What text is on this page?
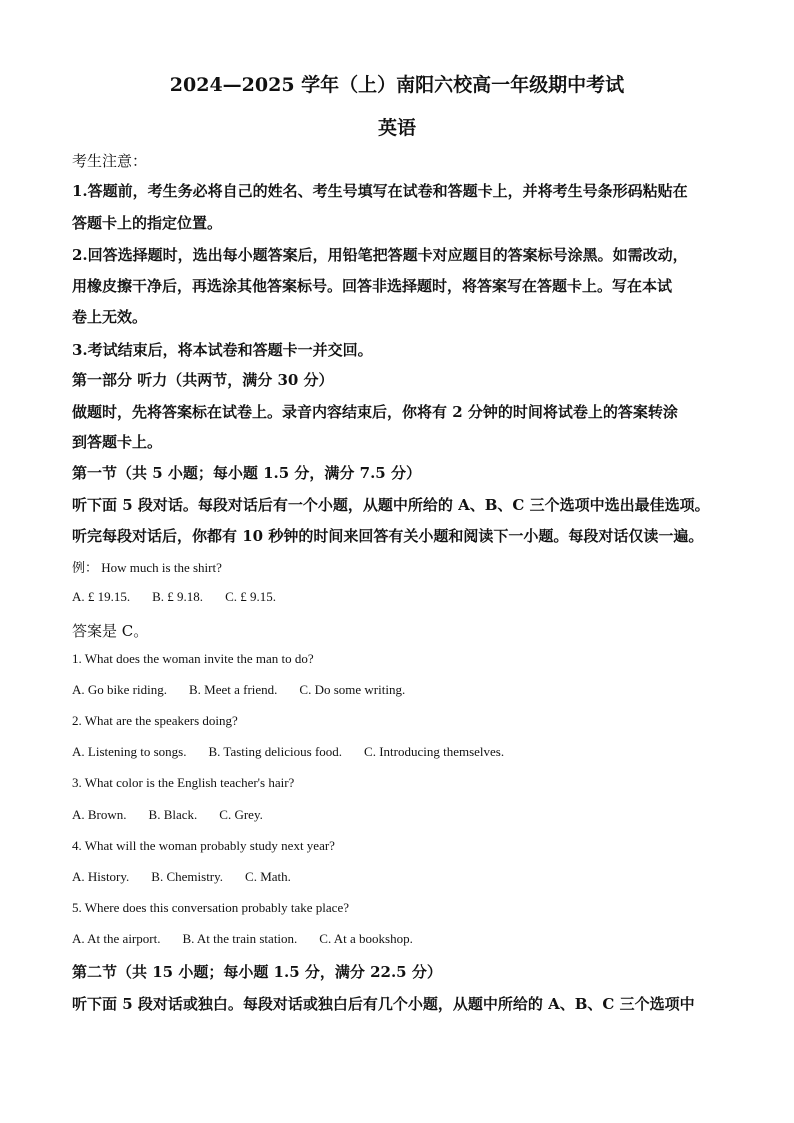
2024—2025 学年（上）南阳六校高一年级期中考试
英语
考生注意：
1.答题前，考生务必将自己的姓名、考生号填写在试卷和答题卡上，并将考生号条形码粘贴在
答题卡上的指定位置。
2.回答选择题时，选出每小题答案后，用铅笔把答题卡对应题目的答案标号涂黑。如需改动，
用橡皮擦干净后，再选涂其他答案标号。回答非选择题时，将答案写在答题卡上。写在本试
卷上无效。
3.考试结束后，将本试卷和答题卡一并交回。
第一部分 听力（共两节，满分 30 分）
做题时，先将答案标在试卷上。录音内容结束后，你将有 2 分钟的时间将试卷上的答案转涂
到答题卡上。
第一节（共 5 小题；每小题 1.5 分，满分 7.5 分）
听下面 5 段对话。每段对话后有一个小题，从题中所给的 A、B、C 三个选项中选出最佳选项。
听完每段对话后，你都有 10 秒钟的时间来回答有关小题和阅读下一小题。每段对话仅读一遍。
例： How much is the shirt?
A. £ 19.15. B. £ 9.18. C. £ 9.15.
答案是 C。
1. What does the woman invite the man to do?
A. Go bike riding. B. Meet a friend. C. Do some writing.
2. What are the speakers doing?
A. Listening to songs. B. Tasting delicious food. C. Introducing themselves.
3. What color is the English teacher's hair?
A. Brown. B. Black. C. Grey.
4. What will the woman probably study next year?
A. History. B. Chemistry. C. Math.
5. Where does this conversation probably take place?
A. At the airport. B. At the train station. C. At a bookshop.
第二节（共 15 小题；每小题 1.5 分，满分 22.5 分）
听下面 5 段对话或独白。每段对话或独白后有几个小题，从题中所给的 A、B、C 三个选项中
